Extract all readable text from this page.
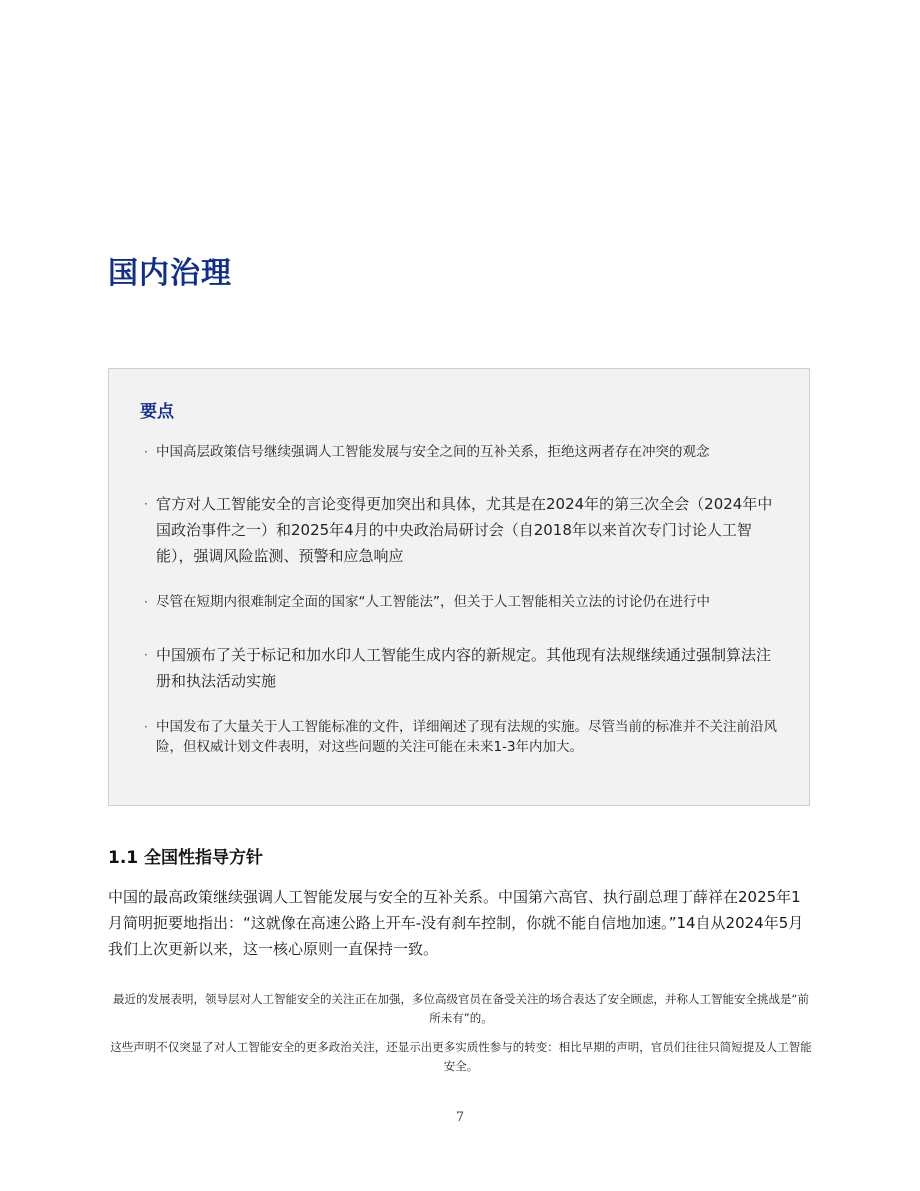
国内治理
要点
· 中国高层政策信号继续强调人工智能发展与安全之间的互补关系，拒绝这两者存在冲突的观念
· 官方对人工智能安全的言论变得更加突出和具体，尤其是在2024年的第三次全会（2024年中国政治事件之一）和2025年4月的中央政治局研讨会（自2018年以来首次专门讨论人工智能），强调风险监测、预警和应急响应
· 尽管在短期内很难制定全面的国家“人工智能法”，但关于人工智能相关立法的讨论仍在进行中
· 中国颁布了关于标记和加水印人工智能生成内容的新规定。其他现有法规继续通过强制算法注册和执法活动实施
· 中国发布了大量关于人工智能标准的文件，详细阐述了现有法规的实施。尽管当前的标准并不关注前沿风险，但权威计划文件表明，对这些问题的关注可能在未来1-3年内加大。
1.1 全国性指导方针

中国的最高政策继续强调人工智能发展与安全的互补关系。中国第六高官、执行副总理丁薛祥在2025年1月简明扼要地指出：“这就像在高速公路上开车-没有刹车控制，你就不能自信地加速。”14自从2024年5月我们上次更新以来，这一核心原则一直保持一致。

最近的发展表明，领导层对人工智能安全的关注正在加强，多位高级官员在备受关注的场合表达了安全顾虑，并称人工智能安全挑战是“前所未有”的。

这些声明不仅突显了对人工智能安全的更多政治关注，还显示出更多实质性参与的转变：相比早期的声明，官员们往往只简短提及人工智能安全。

7
